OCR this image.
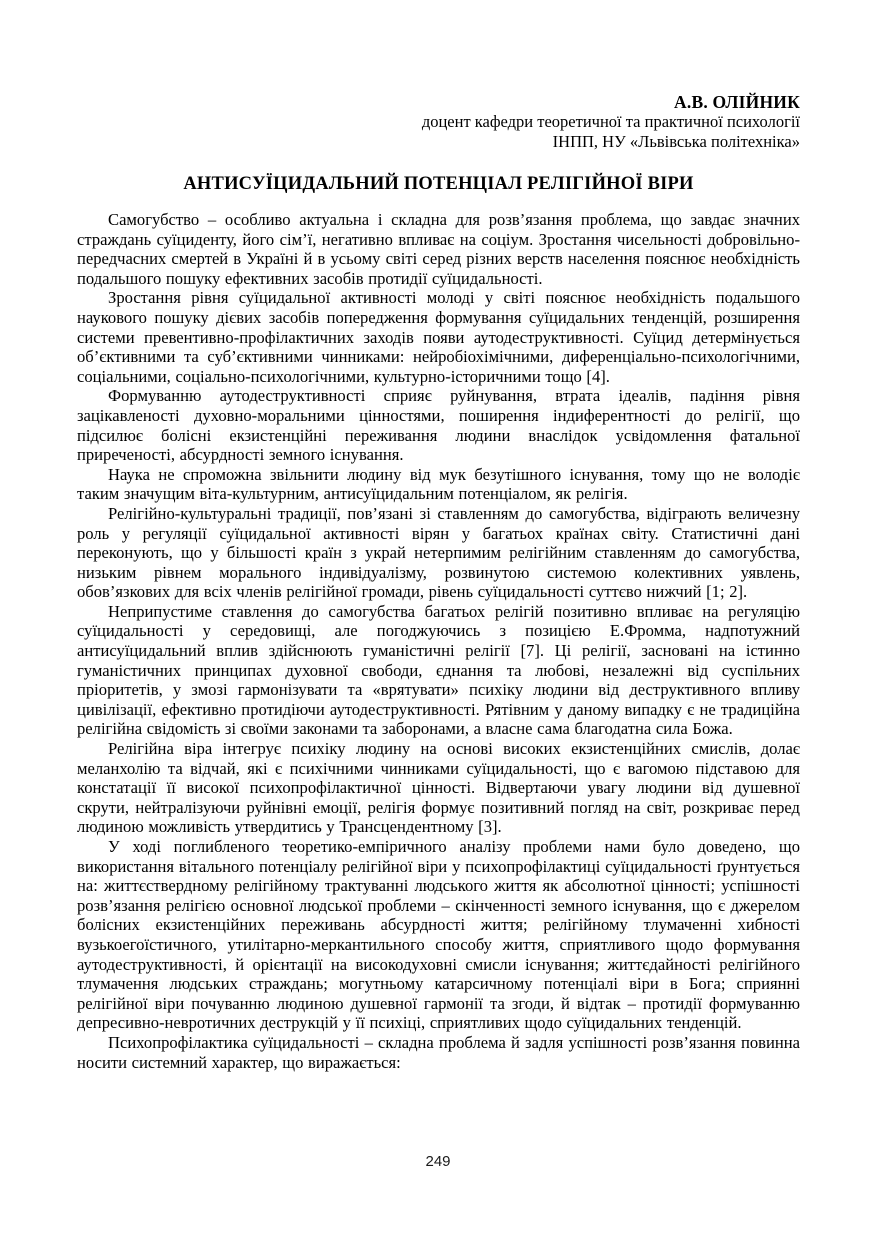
А.В. ОЛІЙНИК
доцент кафедри теоретичної та практичної психології
ІНПП, НУ «Львівська політехніка»
АНТИСУЇЦИДАЛЬНИЙ ПОТЕНЦІАЛ РЕЛІГІЙНОЇ ВІРИ

Самогубство – особливо актуальна і складна для розв’язання проблема, що завдає значних страждань суїциденту, його сім’ї, негативно впливає на соціум. Зростання чисельності добровільно-передчасних смертей в Україні й в усьому світі серед різних верств населення пояснює необхідність подальшого пошуку ефективних засобів протидії суїцидальності.

Зростання рівня суїцидальної активності молоді у світі пояснює необхідність подальшого наукового пошуку дієвих засобів попередження формування суїцидальних тенденцій, розширення системи превентивно-профілактичних заходів появи аутодеструктивності. Суїцид детермінується об’єктивними та суб’єктивними чинниками: нейробіохімічними, диференціально-психологічними, соціальними, соціально-психологічними, культурно-історичними тощо [4].

Формуванню аутодеструктивності сприяє руйнування, втрата ідеалів, падіння рівня зацікавленості духовно-моральними цінностями, поширення індиферентності до релігії, що підсилює болісні екзистенційні переживання людини внаслідок усвідомлення фатальної приреченості, абсурдності земного існування.

Наука не спроможна звільнити людину від мук безутішного існування, тому що не володіє таким значущим віта-культурним, антисуїцидальним потенціалом, як релігія.

Релігійно-культуральні традиції, пов’язані зі ставленням до самогубства, відіграють величезну роль у регуляції суїцидальної активності вірян у багатьох країнах світу. Статистичні дані переконують, що у більшості країн з украй нетерпимим релігійним ставленням до самогубства, низьким рівнем морального індивідуалізму, розвинутою системою колективних уявлень, обов’язкових для всіх членів релігійної громади, рівень суїцидальності суттєво нижчий [1; 2].

Неприпустиме ставлення до самогубства багатьох релігій позитивно впливає на регуляцію суїцидальності у середовищі, але погоджуючись з позицією Е.Фромма, надпотужний антисуїцидальний вплив здійснюють гуманістичні релігії [7]. Ці релігії, засновані на істинно гуманістичних принципах духовної свободи, єднання та любові, незалежні від суспільних пріоритетів, у змозі гармонізувати та «врятувати» психіку людини від деструктивного впливу цивілізації, ефективно протидіючи аутодеструктивності. Рятівним у даному випадку є не традиційна релігійна свідомість зі своїми законами та заборонами, а власне сама благодатна сила Божа.

Релігійна віра інтегрує психіку людину на основі високих екзистенційних смислів, долає меланхолію та відчай, які є психічними чинниками суїцидальності, що є вагомою підставою для констатації її високої психопрофілактичної цінності. Відвертаючи увагу людини від душевної скрути, нейтралізуючи руйнівні емоції, релігія формує позитивний погляд на світ, розкриває перед людиною можливість утвердитись у Трансцендентному [3].

У ході поглибленого теоретико-емпіричного аналізу проблеми нами було доведено, що використання вітального потенціалу релігійної віри у психопрофілактиці суїцидальності ґрунтується на: життєствердному релігійному трактуванні людського життя як абсолютної цінності; успішності розв’язання релігією основної людської проблеми – скінченності земного існування, що є джерелом болісних екзистенційних переживань абсурдності життя; релігійному тлумаченні хибності вузькоегоїстичного, утилітарно-меркантильного способу життя, сприятливого щодо формування аутодеструктивності, й орієнтації на високодуховні смисли існування; життєдайності релігійного тлумачення людських страждань; могутньому катарсичному потенціалі віри в Бога; сприянні релігійної віри почуванню людиною душевної гармонії та згоди, й відтак – протидії формуванню депресивно-невротичних деструкцій у її психіці, сприятливих щодо суїцидальних тенденцій.

Психопрофілактика суїцидальності – складна проблема й задля успішності розв’язання повинна носити системний характер, що виражається:

249
